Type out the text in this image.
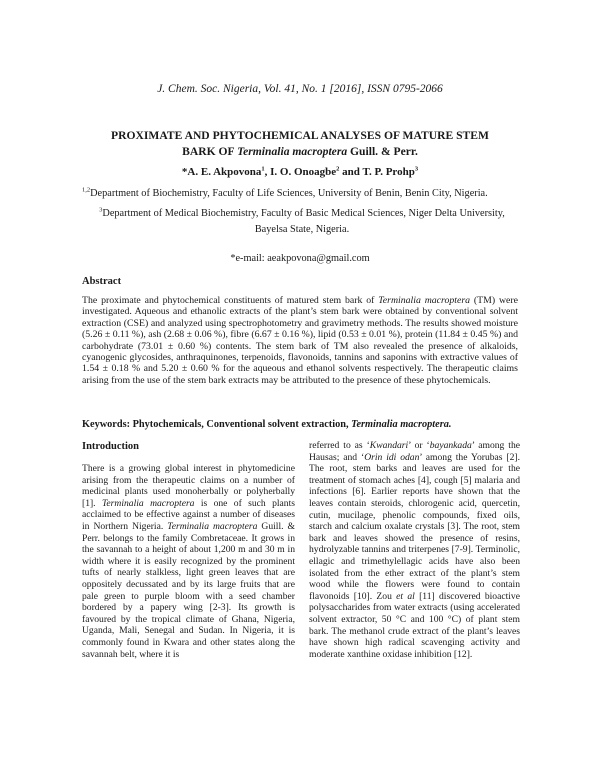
J. Chem. Soc. Nigeria, Vol. 41, No. 1 [2016], ISSN 0795-2066
PROXIMATE AND PHYTOCHEMICAL ANALYSES OF MATURE STEM
BARK OF Terminalia macroptera Guill. & Perr.
*A. E. Akpovona$^1$, I. O. Onoagbe$^2$ and T. P. Prohp$^3$
$^{1,2}$Department of Biochemistry, Faculty of Life Sciences, University of Benin, Benin City, Nigeria.
$^3$Department of Medical Biochemistry, Faculty of Basic Medical Sciences, Niger Delta University, Bayelsa State, Nigeria.
*e-mail: aeakpovona@gmail.com
Abstract
The proximate and phytochemical constituents of matured stem bark of Terminalia macroptera (TM) were investigated. Aqueous and ethanolic extracts of the plant’s stem bark were obtained by conventional solvent extraction (CSE) and analyzed using spectrophotometry and gravimetry methods. The results showed moisture (5.26 ± 0.11 %), ash (2.68 ± 0.06 %), fibre (6.67 ± 0.16 %), lipid (0.53 ± 0.01 %), protein (11.84 ± 0.45 %) and carbohydrate (73.01 ± 0.60 %) contents. The stem bark of TM also revealed the presence of alkaloids, cyanogenic glycosides, anthraquinones, terpenoids, flavonoids, tannins and saponins with extractive values of 1.54 ± 0.18 % and 5.20 ± 0.60 % for the aqueous and ethanol solvents respectively. The therapeutic claims arising from the use of the stem bark extracts may be attributed to the presence of these phytochemicals.
Keywords: Phytochemicals, Conventional solvent extraction, Terminalia macroptera.
Introduction

There is a growing global interest in phytomedicine arising from the therapeutic claims on a number of medicinal plants used monoherbally or polyherbally [1]. Terminalia macroptera is one of such plants acclaimed to be effective against a number of diseases in Northern Nigeria. Terminalia macroptera Guill. & Perr. belongs to the family Combretaceae. It grows in the savannah to a height of about 1,200 m and 30 m in width where it is easily recognized by the prominent tufts of nearly stalkless, light green leaves that are oppositely decussated and by its large fruits that are pale green to purple bloom with a seed chamber bordered by a papery wing [2-3]. Its growth is favoured by the tropical climate of Ghana, Nigeria, Uganda, Mali, Senegal and Sudan. In Nigeria, it is commonly found in Kwara and other states along the savannah belt, where it is

referred to as ‘Kwandari’ or ‘bayankada’ among the Hausas; and ‘Orin idi odan’ among the Yorubas [2]. The root, stem barks and leaves are used for the treatment of stomach aches [4], cough [5] malaria and infections [6]. Earlier reports have shown that the leaves contain steroids, chlorogenic acid, quercetin, cutin, mucilage, phenolic compounds, fixed oils, starch and calcium oxalate crystals [3]. The root, stem bark and leaves showed the presence of resins, hydrolyzable tannins and triterpenes [7-9]. Terminolic, ellagic and trimethylellagic acids have also been isolated from the ether extract of the plant’s stem wood while the flowers were found to contain flavonoids [10]. Zou et al [11] discovered bioactive polysaccharides from water extracts (using accelerated solvent extractor, 50 °C and 100 °C) of plant stem bark. The methanol crude extract of the plant’s leaves have shown high radical scavenging activity and moderate xanthine oxidase inhibition [12].
